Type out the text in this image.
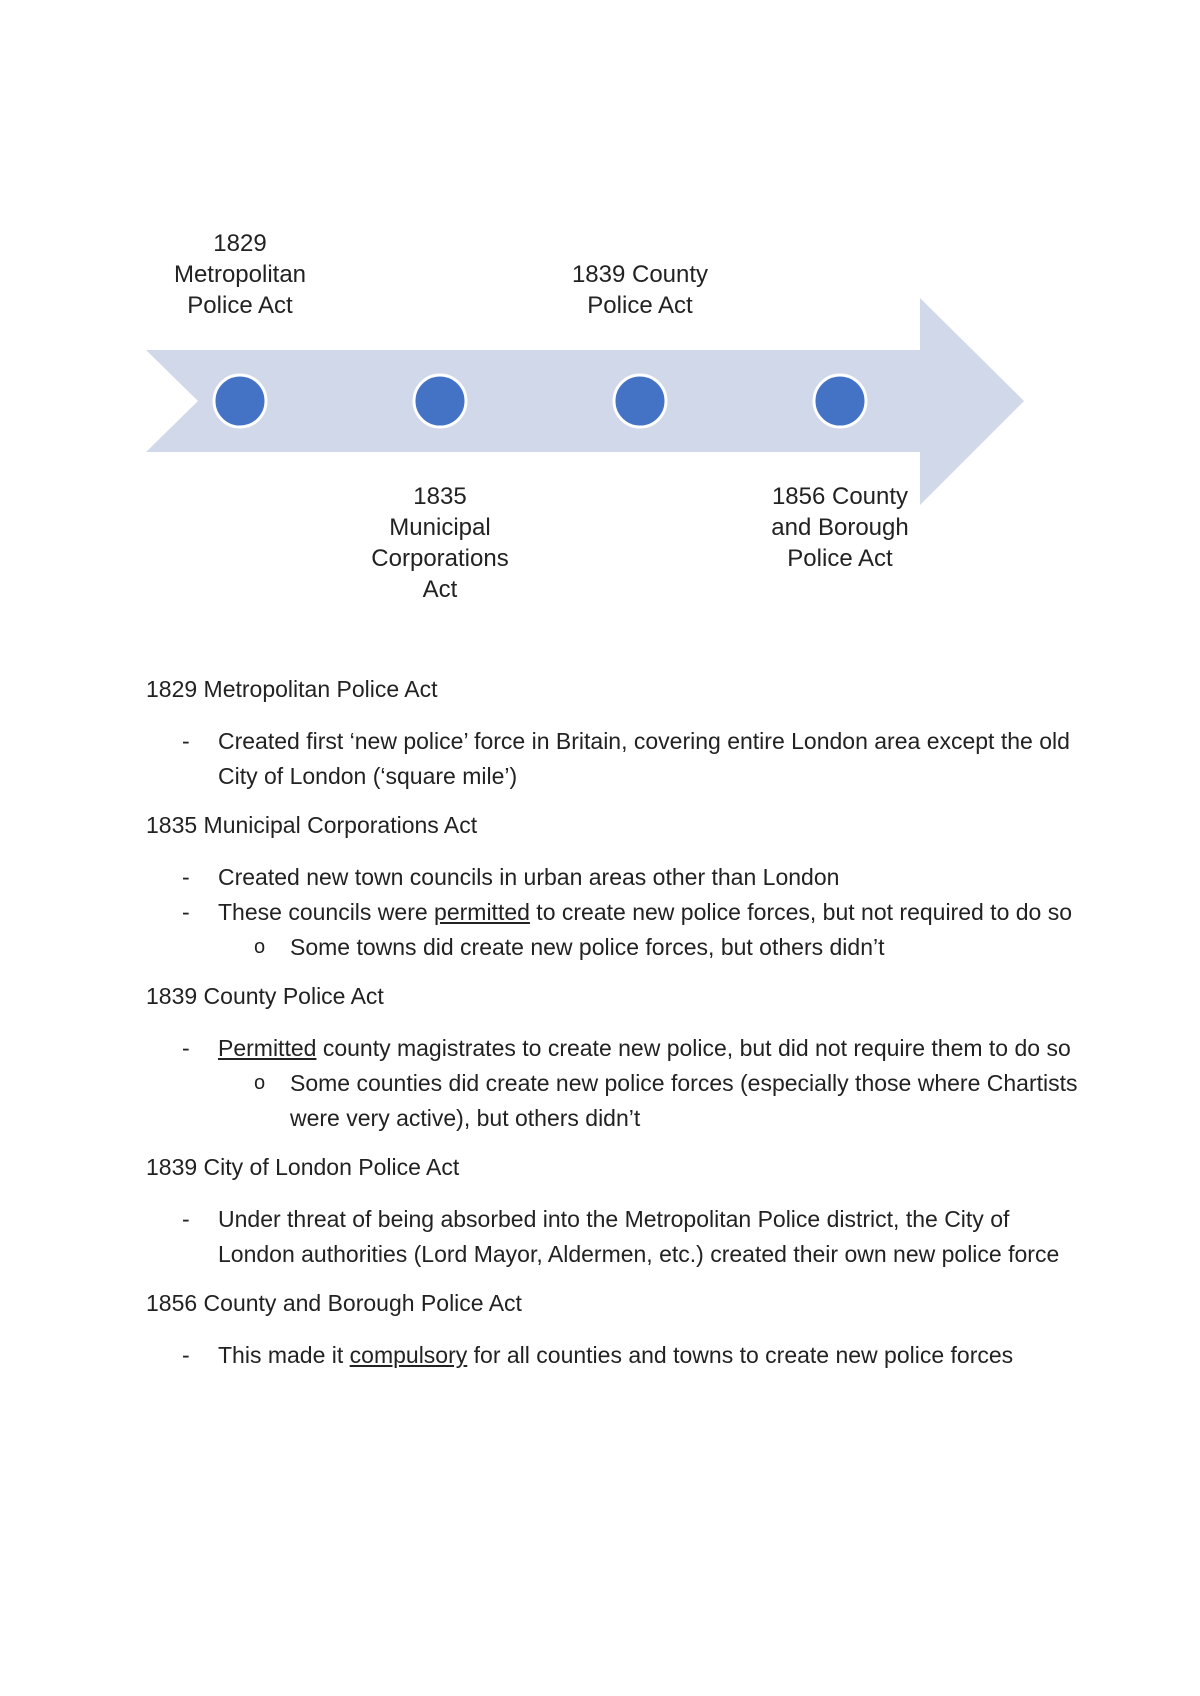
1829
Metropolitan
Police Act
1835
Municipal
Corporations
Act
1839 County
Police Act
1856 County
and Borough
Police Act

1829 Metropolitan Police Act

- Created first ‘new police’ force in Britain, covering entire London area except the old City of London (‘square mile’)

1835 Municipal Corporations Act

- Created new town councils in urban areas other than London
- These councils were permitted to create new police forces, but not required to do so
o Some towns did create new police forces, but others didn’t

1839 County Police Act

- Permitted county magistrates to create new police, but did not require them to do so
o Some counties did create new police forces (especially those where Chartists were very active), but others didn’t

1839 City of London Police Act

- Under threat of being absorbed into the Metropolitan Police district, the City of London authorities (Lord Mayor, Aldermen, etc.) created their own new police force

1856 County and Borough Police Act

- This made it compulsory for all counties and towns to create new police forces
